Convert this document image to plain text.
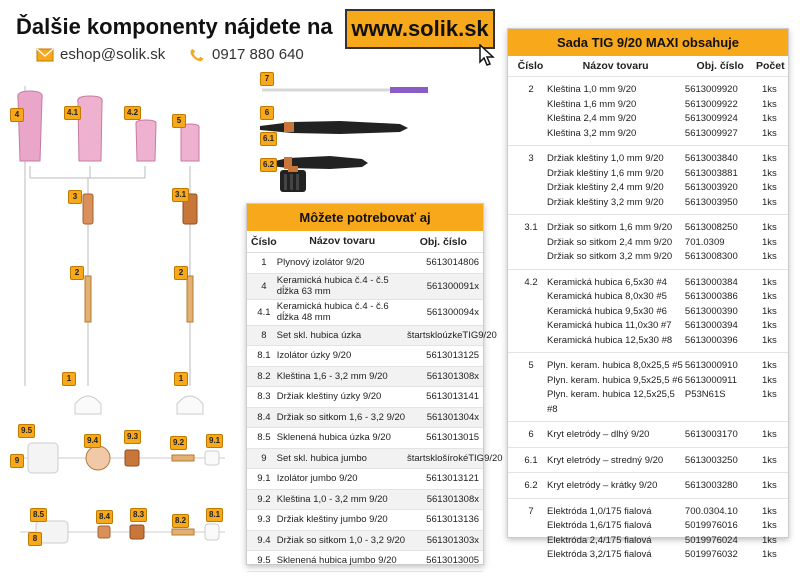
Ďalšie komponenty nájdete na www.solik.sk
eshop@solik.sk	0917 880 640
4	4.1	4.2
5
3	3.1
2	2
1	1
9.5
9
9.4	9.3
9.2	9.1
8.5
8
8.4	8.3
8.2
8.1
7
6
6.1
6.2
Môžete potrebovať aj
Číslo	Názov tovaru	Obj. číslo
1	Plynový izolátor 9/20	5613014806
4	Keramická hubica č.4 - č.5 dĺžka 63 mm	561300091x
4.1 Keramická hubica č.4 - č.6 dĺžka 48 mm	561300094x
8	Set skl. hubica úzka	štartsklоúzkeTIG9/20
8.1 Izolátor úzky 9/20	5613013125
8.2 Kleština 1,6 - 3,2 mm 9/20	561301308x
8.3 Držiak kleštiny úzky 9/20	5613013141
8.4 Držiak so sitkom 1,6 - 3,2 9/20	561301304x
8.5 Sklenená hubica úzka 9/20	5613013015
9	Set skl. hubica jumbo	štartsklošírokéTIG9/20
9.1 Izolátor jumbo 9/20	5613013121
9.2 Kleština 1,0 - 3,2 mm 9/20	561301308x
9.3 Držiak kleštiny jumbo 9/20	5613013136
9.4 Držiak so sitkom 1,0 - 3,2 9/20	561301303x
9.5 Sklenená hubica jumbo 9/20	5613013005
Sada TIG 9/20 MAXI obsahuje
Číslo	Názov tovaru	Obj. číslo	Počet
2	Kleština 1,0 mm 9/20	5613009920	1ks
Kleština 1,6 mm 9/20	5613009922	1ks
Kleština 2,4 mm 9/20	5613009924	1ks
Kleština 3,2 mm 9/20	5613009927	1ks
3	Držiak kleštiny 1,0 mm 9/20	5613003840	1ks
Držiak kleštiny 1,6 mm 9/20	5613003881	1ks
Držiak kleštiny 2,4 mm 9/20	5613003920	1ks
Držiak kleštiny 3,2 mm 9/20	5613003950	1ks
3.1 Držiak so sitkom 1,6 mm 9/20	5613008250	1ks
Držiak so sitkom 2,4 mm 9/20	701.0309	1ks
Držiak so sitkom 3,2 mm 9/20	5613008300	1ks
4.2 Keramická hubica 6,5x30 #4	5613000384	1ks
Keramická hubica 8,0x30 #5	5613000386	1ks
Keramická hubica 9,5x30 #6	5613000390	1ks
Keramická hubica 11,0x30 #7	5613000394	1ks
Keramická hubica 12,5x30 #8	5613000396	1ks
5	Plyn. keram. hubica 8,0x25,5 #5 5613000910	1ks
Plyn. keram. hubica 9,5x25,5 #6 5613000911	1ks
Plyn. keram. hubica 12,5x25,5 #8
P53N61S	1ks
6	Kryt eletródy – dlhý 9/20	5613003170	1ks
6.1 Kryt eletródy – stredný 9/20	5613003250	1ks
6.2 Kryt eletródy – krátky 9/20	5613003280	1ks
7	Elektróda 1,0/175 fialová	700.0304.10	1ks
Elektróda 1,6/175 fialová	5019976016	1ks
Elektróda 2,4/175 fialová	5019976024	1ks
Elektróda 3,2/175 fialová	5019976032	1ks
